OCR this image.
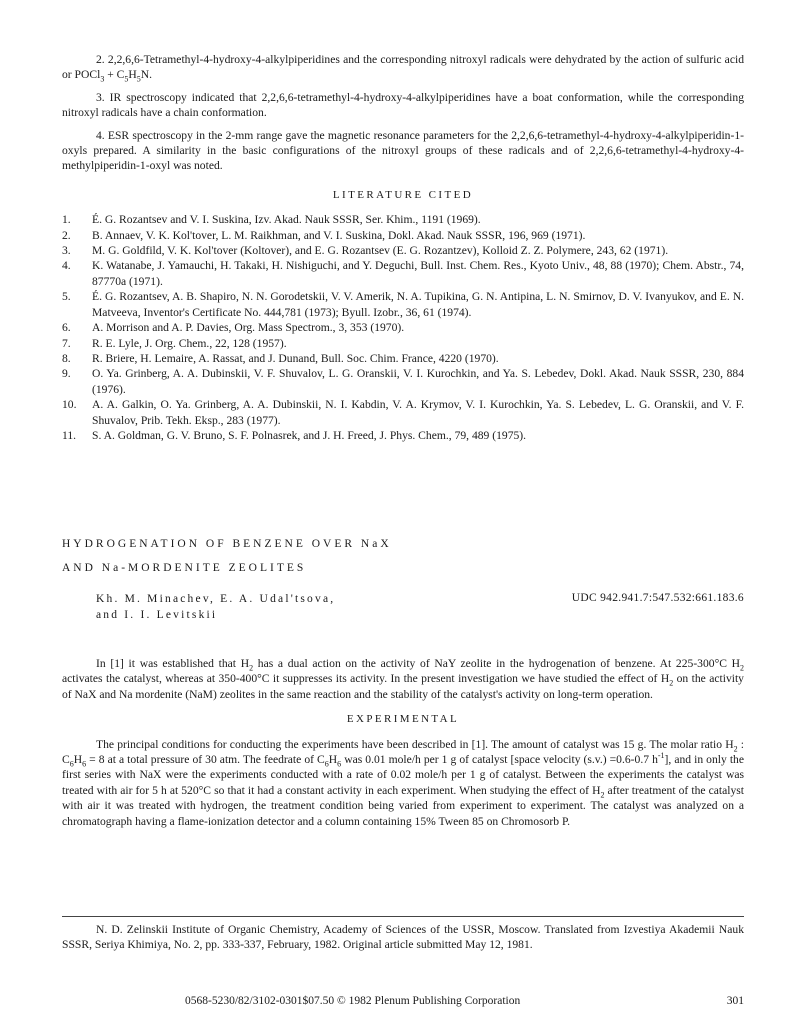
2. 2,2,6,6-Tetramethyl-4-hydroxy-4-alkylpiperidines and the corresponding nitroxyl radicals were dehydrated by the action of sulfuric acid or POCl$_3$ + $C_5H_5N$.

3. IR spectroscopy indicated that 2,2,6,6-tetramethyl-4-hydroxy-4-alkylpiperidines have a boat conformation, while the corresponding nitroxyl radicals have a chain conformation.

4. ESR spectroscopy in the 2-mm range gave the magnetic resonance parameters for the 2,2,6,6-tetramethyl-4-hydroxy-4-alkylpiperidin-1-oxyls prepared. A similarity in the basic configurations of the nitroxyl groups of these radicals and of 2,2,6,6-tetramethyl-4-hydroxy-4-methylpiperidin-1-oxyl was noted.

LITERATURE CITED
1.	É. G. Rozantsev and V. I. Suskina, Izv. Akad. Nauk SSSR, Ser. Khim., 1191 (1969).
2.	B. Annaev, V. K. Kol'tover, L. M. Raikhman, and V. I. Suskina, Dokl. Akad. Nauk SSSR, 196, 969 (1971).
3.	M. G. Goldfild, V. K. Kol'tover (Koltover), and E. G. Rozantsev (E. G. Rozantzev), Kolloid Z. Z. Polymere, 243, 62 (1971).
4.	K. Watanabe, J. Yamauchi, H. Takaki, H. Nishiguchi, and Y. Deguchi, Bull. Inst. Chem. Res., Kyoto Univ., 48, 88 (1970); Chem. Abstr., 74, 87770a (1971).
5.	É. G. Rozantsev, A. B. Shapiro, N. N. Gorodetskii, V. V. Amerik, N. A. Tupikina, G. N. Antipina, L. N. Smirnov, D. V. Ivanyukov, and E. N. Matveeva, Inventor's Certificate No. 444,781 (1973); Byull. Izobr., 36, 61 (1974).
6.	A. Morrison and A. P. Davies, Org. Mass Spectrom., 3, 353 (1970).
7.	R. E. Lyle, J. Org. Chem., 22, 128 (1957).
8.	R. Briere, H. Lemaire, A. Rassat, and J. Dunand, Bull. Soc. Chim. France, 4220 (1970).
9.	O. Ya. Grinberg, A. A. Dubinskii, V. F. Shuvalov, L. G. Oranskii, V. I. Kurochkin, and Ya. S. Lebedev, Dokl. Akad. Nauk SSSR, 230, 884 (1976).
10.	A. A. Galkin, O. Ya. Grinberg, A. A. Dubinskii, N. I. Kabdin, V. A. Krymov, V. I. Kurochkin, Ya. S. Lebedev, L. G. Oranskii, and V. F. Shuvalov, Prib. Tekh. Eksp., 283 (1977).
11.	S. A. Goldman, G. V. Bruno, S. F. Polnasrek, and J. H. Freed, J. Phys. Chem., 79, 489 (1975).
HYDROGENATION OF BENZENE OVER NaX
AND Na-MORDENITE ZEOLITES
Kh. M. Minachev, E. A. Udal'tsova,
and I. I. Levitskii
UDC 942.941.7:547.532:661.183.6

In [1] it was established that $H_2$ has a dual action on the activity of NaY zeolite in the hydrogenation of benzene. At 225-300°C $H_2$ activates the catalyst, whereas at 350-400°C it suppresses its activity. In the present investigation we have studied the effect of $H_2$ on the activity of NaX and Na mordenite (NaM) zeolites in the same reaction and the stability of the catalyst's activity on long-term operation.

EXPERIMENTAL

The principal conditions for conducting the experiments have been described in [1]. The amount of catalyst was 15 g. The molar ratio $H_2$ : $C_6H_6 = 8$ at a total pressure of 30 atm. The feedrate of $C_6H_6$ was 0.01 mole/h per 1 g of catalyst [space velocity (s.v.) =0.6-0.7 $h^{-1}$], and in only the first series with NaX were the experiments conducted with a rate of 0.02 mole/h per 1 g of catalyst. Between the experiments the catalyst was treated with air for 5 h at 520°C so that it had a constant activity in each experiment. When studying the effect of $H_2$ after treatment of the catalyst with air it was treated with hydrogen, the treatment condition being varied from experiment to experiment. The catalyst was analyzed on a chromatograph having a flame-ionization detector and a column containing 15% Tween 85 on Chromosorb P.

N. D. Zelinskii Institute of Organic Chemistry, Academy of Sciences of the USSR, Moscow. Translated from Izvestiya Akademii Nauk SSSR, Seriya Khimiya, No. 2, pp. 333-337, February, 1982. Original article submitted May 12, 1981.

0568-5230/82/3102-0301$07.50 © 1982 Plenum Publishing Corporation	301
